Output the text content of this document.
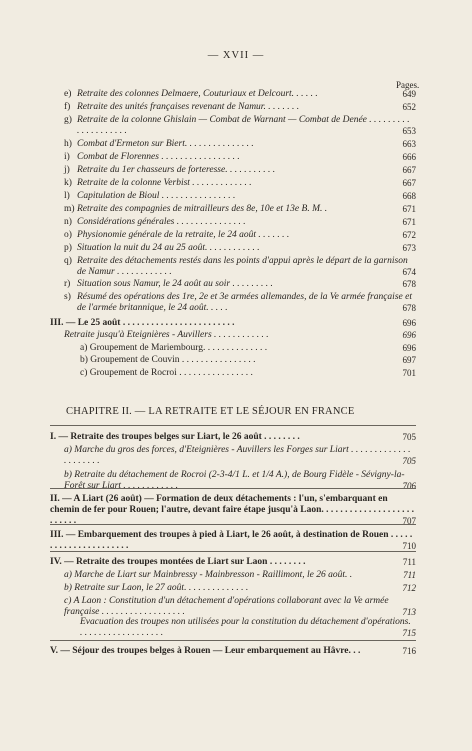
— XVII —
Pages.
e) Retraite des colonnes Delmaere, Couturiaux et Delcourt. . . . . .	649
f) Retraite des unités françaises revenant de Namur. . . . . . . .	652
g) Retraite de la colonne Ghislain — Combat de Warnant — Combat de Denée . . . . . . . . . . . . . . . . . . . .	653
h) Combat d'Ermeton sur Biert. . . . . . . . . . . . . . .	663
i) Combat de Florennes . . . . . . . . . . . . . . . . .	666
j) Retraite du 1er chasseurs de forteresse. . . . . . . . . . .	667
k) Retraite de la colonne Verbist . . . . . . . . . . . . .	667
l) Capitulation de Bioul . . . . . . . . . . . . . . . .	668
m) Retraite des compagnies de mitrailleurs des 8e, 10e et 13e B. M. .	671
n) Considérations générales . . . . . . . . . . . . . . .	671
o) Physionomie générale de la retraite, le 24 août . . . . . . .	672
p) Situation la nuit du 24 au 25 août. . . . . . . . . . . .	673
q) Retraite des détachements restés dans les points d'appui après le départ de la garnison de Namur . . . . . . . . . . . .	674
r) Situation sous Namur, le 24 août au soir . . . . . . . . .	678
s) Résumé des opérations des 1re, 2e et 3e armées allemandes, de la Ve armée française et de l'armée britannique, le 24 août. . . . .	678
III. — Le 25 août . . . . . . . . . . . . . . . . . . . . . . . .	696
Retraite jusqu'à Eteignières - Auvillers . . . . . . . . . . . .	696
a) Groupement de Mariembourg. . . . . . . . . . . . . .	696
b) Groupement de Couvin . . . . . . . . . . . . . . . .	697
c) Groupement de Rocroi . . . . . . . . . . . . . . . .	701
CHAPITRE II. — LA RETRAITE ET LE SÉJOUR EN FRANCE
I. — Retraite des troupes belges sur Liart, le 26 août . . . . . . . .	705
a) Marche du gros des forces, d'Eteignières - Auvillers les Forges sur Liart . . . . . . . . . . . . . . . . . . . . .	705
b) Retraite du détachement de Rocroi (2-3-4/1 L. et 1/4 A.), de Bourg Fidèle - Sévigny-la-Forêt sur Liart . . . . . . . . . . . .	706
II. — A Liart (26 août) — Formation de deux détachements : l'un, s'embarquant en chemin de fer pour Rouen; l'autre, devant faire étape jusqu'à Laon. . . . . . . . . . . . . . . . . . . . . . . . . .	707
III. — Embarquement des troupes à pied à Liart, le 26 août, à destination de Rouen . . . . . . . . . . . . . . . . . . . . . .	710
IV. — Retraite des troupes montées de Liart sur Laon . . . . . . . .	711
a) Marche de Liart sur Mainbressy - Mainbresson - Raillimont, le 26 août. .	711
b) Retraite sur Laon, le 27 août. . . . . . . . . . . . . .	712
c) A Laon : Constitution d'un détachement d'opérations collaborant avec la Ve armée française . . . . . . . . . . . . . . . . . .	713
Evacuation des troupes non utilisées pour la constitution du détachement d'opérations. . . . . . . . . . . . . . . . . . .	715
V. — Séjour des troupes belges à Rouen — Leur embarquement au Hâvre. . .	716
